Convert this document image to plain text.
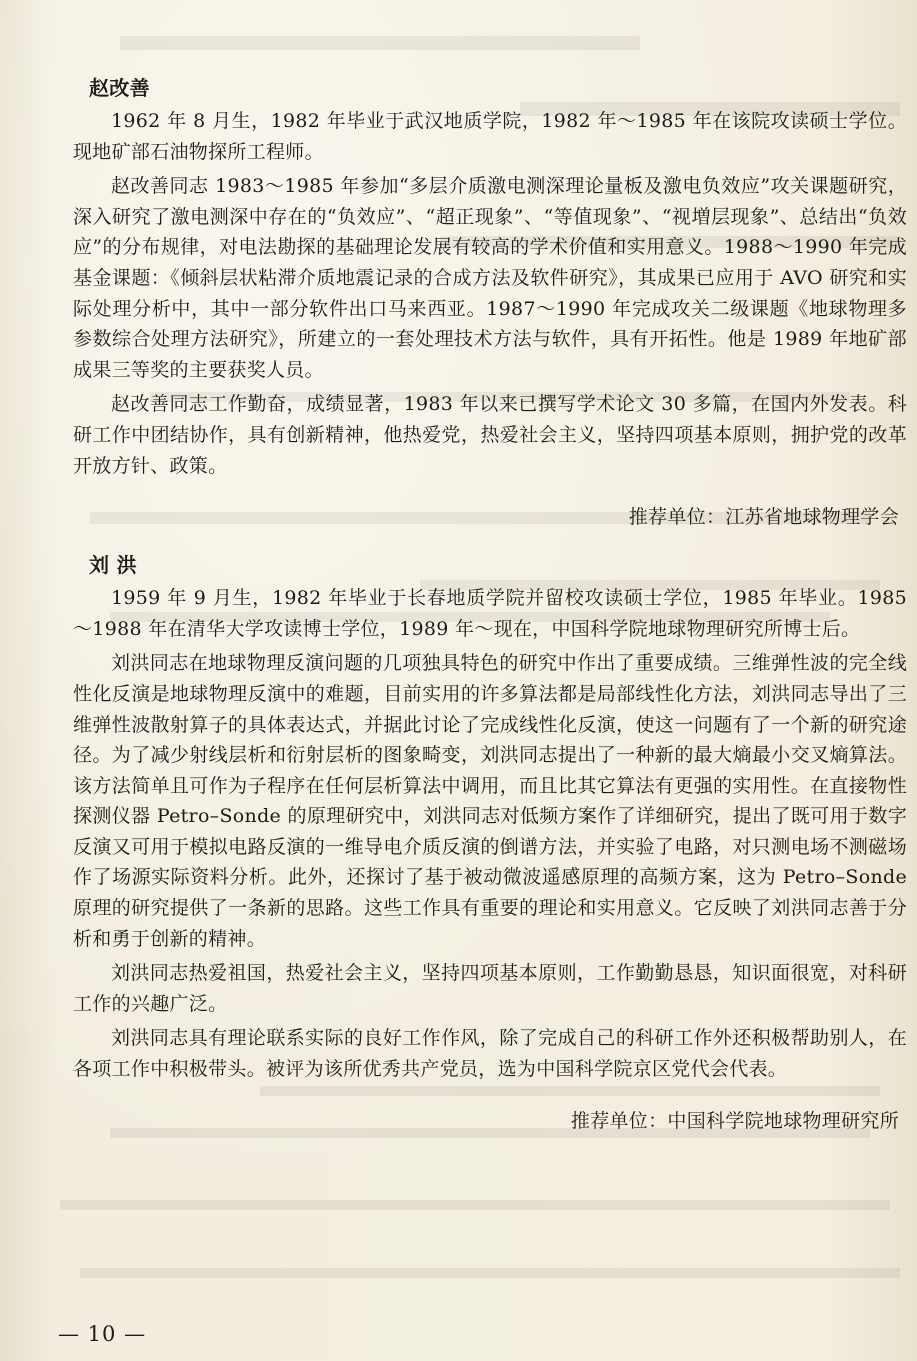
赵改善

1962 年 8 月生，1982 年毕业于武汉地质学院，1982 年～1985 年在该院攻读硕士学位。现地矿部石油物探所工程师。

赵改善同志 1983～1985 年参加“多层介质激电测深理论量板及激电负效应”攻关课题研究，深入研究了激电测深中存在的“负效应”、“超正现象”、“等值现象”、“视増层现象”、总结出“负效应”的分布规律，对电法勘探的基础理论发展有较高的学术价值和实用意义。1988～1990 年完成基金课题：《倾斜层状粘滞介质地震记录的合成方法及软件研究》，其成果已应用于 AVO 研究和实际处理分析中，其中一部分软件出口马来西亚。1987～1990 年完成攻关二级课题《地球物理多参数综合处理方法研究》，所建立的一套处理技术方法与软件，具有开拓性。他是 1989 年地矿部成果三等奖的主要获奖人员。

赵改善同志工作勤奋，成绩显著，1983 年以来已撰写学术论文 30 多篇，在国内外发表。科研工作中团结协作，具有创新精神，他热爱党，热爱社会主义，坚持四项基本原则，拥护党的改革开放方针、政策。

推荐单位：江苏省地球物理学会
刘 洪

1959 年 9 月生，1982 年毕业于长春地质学院并留校攻读硕士学位，1985 年毕业。1985～1988 年在清华大学攻读博士学位，1989 年～现在，中国科学院地球物理研究所博士后。

刘洪同志在地球物理反演问题的几项独具特色的研究中作出了重要成绩。三维弹性波的完全线性化反演是地球物理反演中的难题，目前实用的许多算法都是局部线性化方法，刘洪同志导出了三维弹性波散射算子的具体表达式，并据此讨论了完成线性化反演，使这一问题有了一个新的研究途径。为了减少射线层析和衍射层析的图象畸变，刘洪同志提出了一种新的最大熵最小交叉熵算法。该方法简单且可作为子程序在任何层析算法中调用，而且比其它算法有更强的实用性。在直接物性探测仪器 Petro–Sonde 的原理研究中，刘洪同志对低频方案作了详细研究，提出了既可用于数字反演又可用于模拟电路反演的一维导电介质反演的倒谱方法，并实验了电路，对只测电场不测磁场作了场源实际资料分析。此外，还探讨了基于被动微波遥感原理的高频方案，这为 Petro–Sonde 原理的研究提供了一条新的思路。这些工作具有重要的理论和实用意义。它反映了刘洪同志善于分析和勇于创新的精神。

刘洪同志热爱祖国，热爱社会主义，坚持四项基本原则，工作勤勤恳恳，知识面很宽，对科研工作的兴趣广泛。

刘洪同志具有理论联系实际的良好工作作风，除了完成自己的科研工作外还积极帮助别人，在各项工作中积极带头。被评为该所优秀共产党员，选为中国科学院京区党代会代表。

推荐单位：中国科学院地球物理研究所
— 10 —
